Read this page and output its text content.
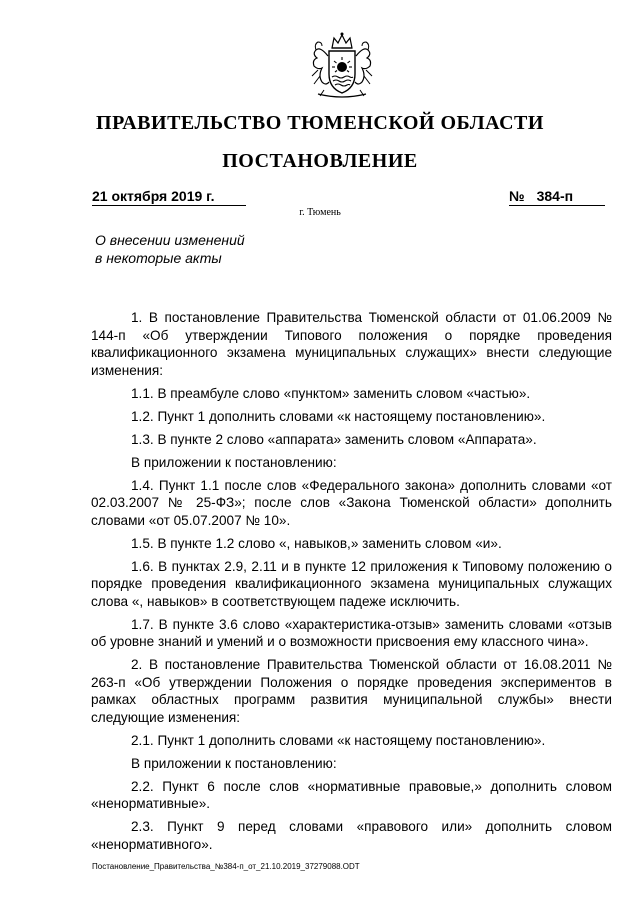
ПРАВИТЕЛЬСТВО ТЮМЕНСКОЙ ОБЛАСТИ
ПОСТАНОВЛЕНИЕ
21 октября 2019 г.	№ 384-п
г. Тюмень
О внесении изменений
в некоторые акты

1. В постановление Правительства Тюменской области от 01.06.2009 № 144-п «Об утверждении Типового положения о порядке проведения квалификационного экзамена муниципальных служащих» внести следующие изменения:

1.1. В преамбуле слово «пунктом» заменить словом «частью».

1.2. Пункт 1 дополнить словами «к настоящему постановлению».

1.3. В пункте 2 слово «аппарата» заменить словом «Аппарата».

В приложении к постановлению:

1.4. Пункт 1.1 после слов «Федерального закона» дополнить словами «от 02.03.2007 № 25-ФЗ»; после слов «Закона Тюменской области» дополнить словами «от 05.07.2007 № 10».

1.5. В пункте 1.2 слово «, навыков,» заменить словом «и».

1.6. В пунктах 2.9, 2.11 и в пункте 12 приложения к Типовому положению о порядке проведения квалификационного экзамена муниципальных служащих слова «, навыков» в соответствующем падеже исключить.

1.7. В пункте 3.6 слово «характеристика-отзыв» заменить словами «отзыв об уровне знаний и умений и о возможности присвоения ему классного чина».

2. В постановление Правительства Тюменской области от 16.08.2011 № 263-п «Об утверждении Положения о порядке проведения экспериментов в рамках областных программ развития муниципальной службы» внести следующие изменения:

2.1. Пункт 1 дополнить словами «к настоящему постановлению».

В приложении к постановлению:

2.2. Пункт 6 после слов «нормативные правовые,» дополнить словом «ненормативные».

2.3. Пункт 9 перед словами «правового или» дополнить словом «ненормативного».

Постановление_Правительства_№384-п_от_21.10.2019_37279088.ODT
